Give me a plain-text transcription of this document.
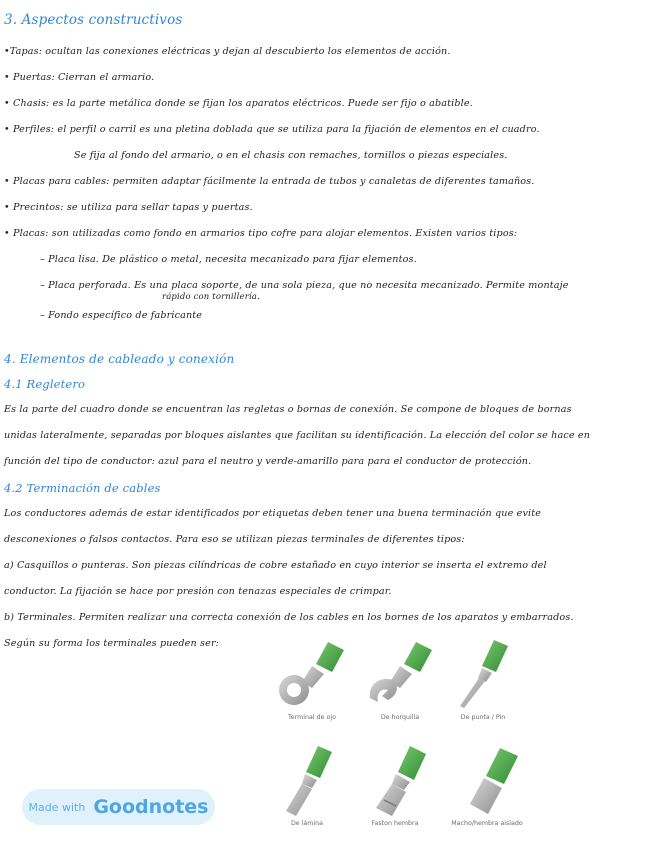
3. Aspectos constructivos
•Tapas: ocultan las conexiones eléctricas y dejan al descubierto los elementos de acción.
• Puertas: Cierran el armario.
• Chasis: es la parte metálica donde se fijan los aparatos eléctricos. Puede ser fijo o abatible.
• Perfiles: el perfil o carril es una pletina doblada que se utiliza para la fijación de elementos en el cuadro.
Se fija al fondo del armario, o en el chasis con remaches, tornillos o piezas especiales.
• Placas para cables: permiten adaptar fácilmente la entrada de tubos y canaletas de diferentes tamaños.
• Precintos: se utiliza para sellar tapas y puertas.
• Placas: son utilizadas como fondo en armarios tipo cofre para alojar elementos. Existen varios tipos:
– Placa lisa. De plástico o metal, necesita mecanizado para fijar elementos.
– Placa perforada. Es una placa soporte, de una sola pieza, que no necesita mecanizado. Permite montaje
rápido con tornillería.
– Fondo específico de fabricante
4. Elementos de cableado y conexión
4.1 Regletero
Es la parte del cuadro donde se encuentran las regletas o bornas de conexión. Se compone de bloques de bornas
unidas lateralmente, separadas por bloques aislantes que facilitan su identificación. La elección del color se hace en
función del tipo de conductor: azul para el neutro y verde-amarillo para para el conductor de protección.
4.2 Terminación de cables
Los conductores además de estar identificados por etiquetas deben tener una buena terminación que evite
desconexiones o falsos contactos. Para eso se utilizan piezas terminales de diferentes tipos:
a) Casquillos o punteras. Son piezas cilíndricas de cobre estañado en cuyo interior se inserta el extremo del
conductor. La fijación se hace por presión con tenazas especiales de crimpar.
b) Terminales. Permiten realizar una correcta conexión de los cables en los bornes de los aparatos y embarrados.
Según su forma los terminales pueden ser:
Terminal de ojo	De horquilla	De punta / Pin
De lámina	Faston hembra	Macho/hembra aislado
Made with Goodnotes
